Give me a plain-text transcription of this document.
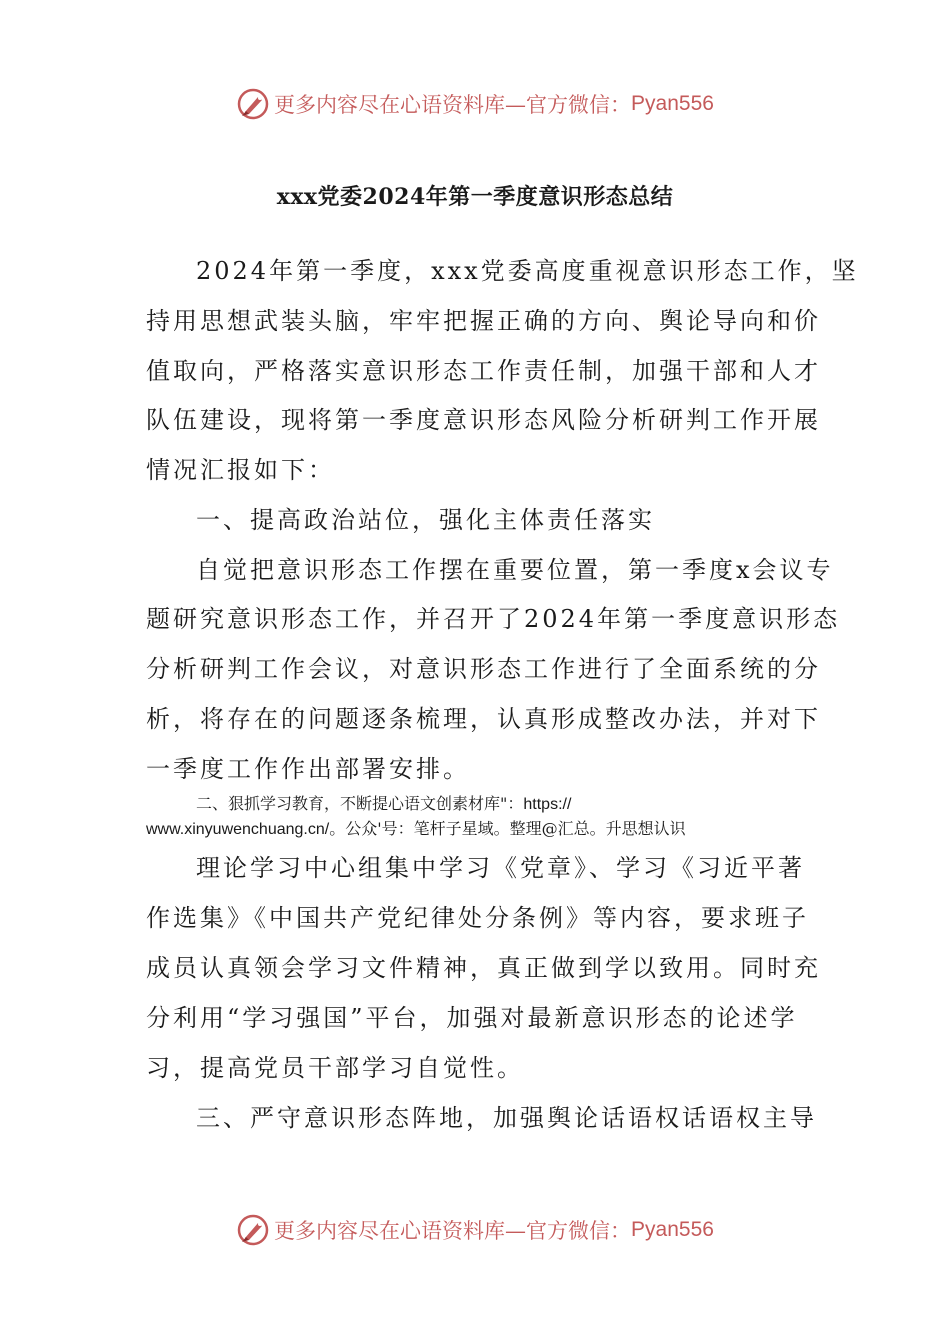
更多内容尽在心语资料库—官方微信： Pyan556
xxx党委2024年第一季度意识形态总结
2024年第一季度，xxx党委高度重视意识形态工作，坚
持用思想武装头脑，牢牢把握正确的方向、舆论导向和价
值取向，严格落实意识形态工作责任制，加强干部和人才
队伍建设，现将第一季度意识形态风险分析研判工作开展
情况汇报如下：
一、提高政治站位，强化主体责任落实
自觉把意识形态工作摆在重要位置，第一季度x会议专
题研究意识形态工作，并召开了2024年第一季度意识形态
分析研判工作会议，对意识形态工作进行了全面系统的分
析，将存在的问题逐条梳理，认真形成整改办法，并对下
一季度工作作出部署安排。
二、狠抓学习教育，不断提心语文创素材库"：https://
www.xinyuwenchuang.cn/。公众'号：笔杆子星域。整理@汇总。升思想认识
理论学习中心组集中学习《党章》、学习《习近平著
作选集》《中国共产党纪律处分条例》等内容，要求班子
成员认真领会学习文件精神，真正做到学以致用。同时充
分利用“学习强国”平台，加强对最新意识形态的论述学
习，提高党员干部学习自觉性。
三、严守意识形态阵地，加强舆论话语权话语权主导
更多内容尽在心语资料库—官方微信： Pyan556
